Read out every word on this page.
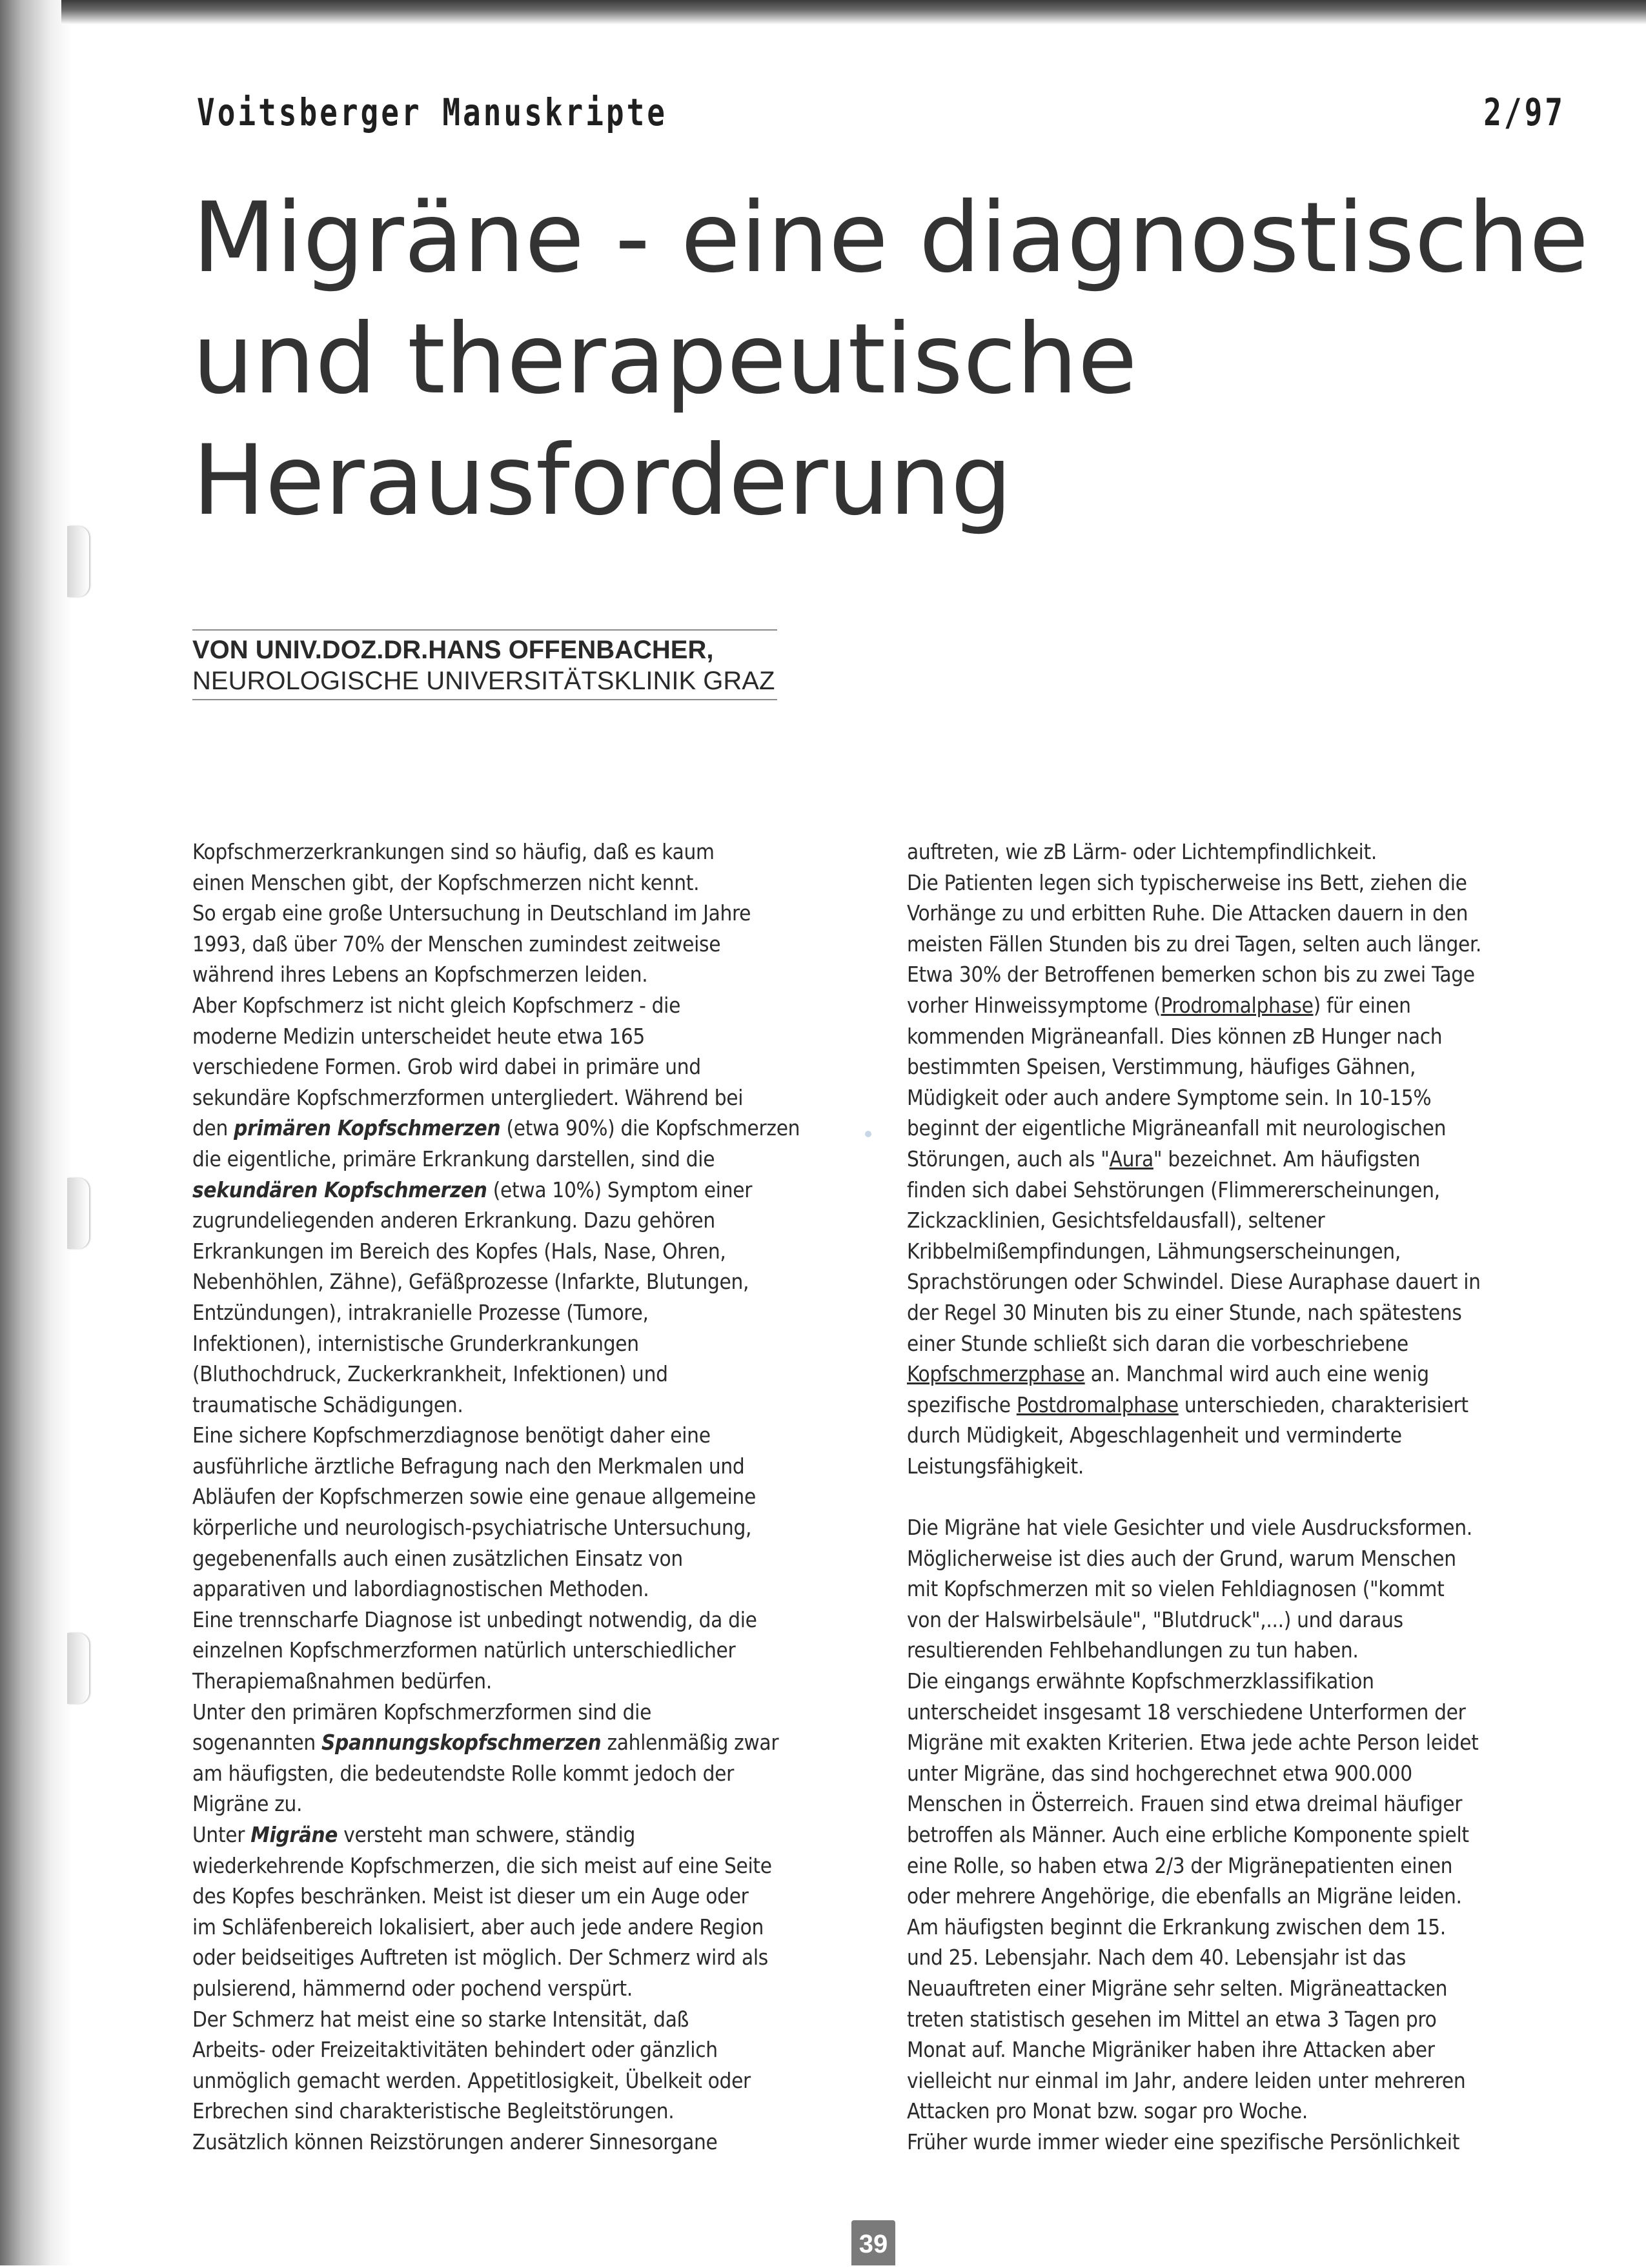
Voitsberger Manuskripte	2/97
Migräne - eine diagnostische
und therapeutische
Herausforderung
VON UNIV.DOZ.DR.HANS OFFENBACHER,
NEUROLOGISCHE UNIVERSITÄTSKLINIK GRAZ
Kopfschmerzerkrankungen sind so häufig, daß es kaum
einen Menschen gibt, der Kopfschmerzen nicht kennt.
So ergab eine große Untersuchung in Deutschland im Jahre
1993, daß über 70% der Menschen zumindest zeitweise
während ihres Lebens an Kopfschmerzen leiden.
Aber Kopfschmerz ist nicht gleich Kopfschmerz - die
moderne Medizin unterscheidet heute etwa 165
verschiedene Formen. Grob wird dabei in primäre und
sekundäre Kopfschmerzformen untergliedert. Während bei
den primären Kopfschmerzen (etwa 90%) die Kopfschmerzen
die eigentliche, primäre Erkrankung darstellen, sind die
sekundären Kopfschmerzen (etwa 10%) Symptom einer
zugrundeliegenden anderen Erkrankung. Dazu gehören
Erkrankungen im Bereich des Kopfes (Hals, Nase, Ohren,
Nebenhöhlen, Zähne), Gefäßprozesse (Infarkte, Blutungen,
Entzündungen), intrakranielle Prozesse (Tumore,
Infektionen), internistische Grunderkrankungen
(Bluthochdruck, Zuckerkrankheit, Infektionen) und
traumatische Schädigungen.
Eine sichere Kopfschmerzdiagnose benötigt daher eine
ausführliche ärztliche Befragung nach den Merkmalen und
Abläufen der Kopfschmerzen sowie eine genaue allgemeine
körperliche und neurologisch-psychiatrische Untersuchung,
gegebenenfalls auch einen zusätzlichen Einsatz von
apparativen und labordiagnostischen Methoden.
Eine trennscharfe Diagnose ist unbedingt notwendig, da die
einzelnen Kopfschmerzformen natürlich unterschiedlicher
Therapiemaßnahmen bedürfen.
Unter den primären Kopfschmerzformen sind die
sogenannten Spannungskopfschmerzen zahlenmäßig zwar
am häufigsten, die bedeutendste Rolle kommt jedoch der
Migräne zu.
Unter Migräne versteht man schwere, ständig
wiederkehrende Kopfschmerzen, die sich meist auf eine Seite
des Kopfes beschränken. Meist ist dieser um ein Auge oder
im Schläfenbereich lokalisiert, aber auch jede andere Region
oder beidseitiges Auftreten ist möglich. Der Schmerz wird als
pulsierend, hämmernd oder pochend verspürt.
Der Schmerz hat meist eine so starke Intensität, daß
Arbeits- oder Freizeitaktivitäten behindert oder gänzlich
unmöglich gemacht werden. Appetitlosigkeit, Übelkeit oder
Erbrechen sind charakteristische Begleitstörungen.
Zusätzlich können Reizstörungen anderer Sinnesorgane
auftreten, wie zB Lärm- oder Lichtempfindlichkeit.
Die Patienten legen sich typischerweise ins Bett, ziehen die
Vorhänge zu und erbitten Ruhe. Die Attacken dauern in den
meisten Fällen Stunden bis zu drei Tagen, selten auch länger.
Etwa 30% der Betroffenen bemerken schon bis zu zwei Tage
vorher Hinweissymptome (Prodromalphase) für einen
kommenden Migräneanfall. Dies können zB Hunger nach
bestimmten Speisen, Verstimmung, häufiges Gähnen,
Müdigkeit oder auch andere Symptome sein. In 10-15%
beginnt der eigentliche Migräneanfall mit neurologischen
Störungen, auch als "Aura" bezeichnet. Am häufigsten
finden sich dabei Sehstörungen (Flimmererscheinungen,
Zickzacklinien, Gesichtsfeldausfall), seltener
Kribbelmißempfindungen, Lähmungserscheinungen,
Sprachstörungen oder Schwindel. Diese Auraphase dauert in
der Regel 30 Minuten bis zu einer Stunde, nach spätestens
einer Stunde schließt sich daran die vorbeschriebene
Kopfschmerzphase an. Manchmal wird auch eine wenig
spezifische Postdromalphase unterschieden, charakterisiert
durch Müdigkeit, Abgeschlagenheit und verminderte
Leistungsfähigkeit.
Die Migräne hat viele Gesichter und viele Ausdrucksformen.
Möglicherweise ist dies auch der Grund, warum Menschen
mit Kopfschmerzen mit so vielen Fehldiagnosen ("kommt
von der Halswirbelsäule", "Blutdruck",...) und daraus
resultierenden Fehlbehandlungen zu tun haben.
Die eingangs erwähnte Kopfschmerzklassifikation
unterscheidet insgesamt 18 verschiedene Unterformen der
Migräne mit exakten Kriterien. Etwa jede achte Person leidet
unter Migräne, das sind hochgerechnet etwa 900.000
Menschen in Österreich. Frauen sind etwa dreimal häufiger
betroffen als Männer. Auch eine erbliche Komponente spielt
eine Rolle, so haben etwa 2/3 der Migränepatienten einen
oder mehrere Angehörige, die ebenfalls an Migräne leiden.
Am häufigsten beginnt die Erkrankung zwischen dem 15.
und 25. Lebensjahr. Nach dem 40. Lebensjahr ist das
Neuauftreten einer Migräne sehr selten. Migräneattacken
treten statistisch gesehen im Mittel an etwa 3 Tagen pro
Monat auf. Manche Migräniker haben ihre Attacken aber
vielleicht nur einmal im Jahr, andere leiden unter mehreren
Attacken pro Monat bzw. sogar pro Woche.
Früher wurde immer wieder eine spezifische Persönlichkeit
39
